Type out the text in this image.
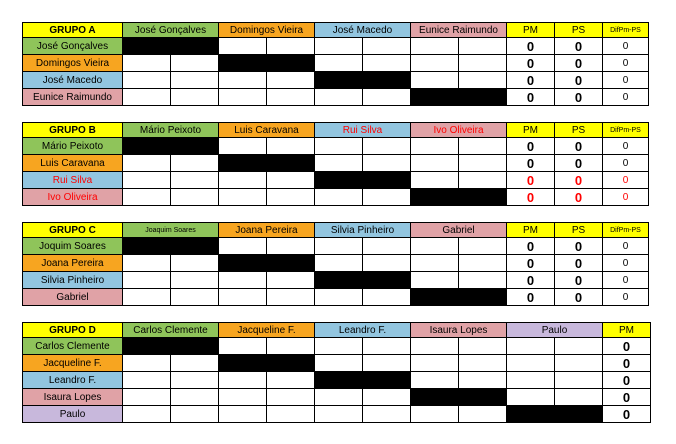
GRUPO A	José Gonçalves		Domingos Vieira		José Macedo		Eunice Raimundo		PM	PS	DifPm-PS
José Gonçalves									0	0	0
Domingos Vieira									0	0	0
José Macedo									0	0	0
Eunice Raimundo									0	0	0
GRUPO B	Mário Peixoto		Luis Caravana		Rui Silva		Ivo Oliveira		PM	PS	DifPm-PS
Mário Peixoto									0	0	0
Luis Caravana									0	0	0
Rui Silva									0	0	0
Ivo Oliveira									0	0	0
GRUPO C	Joaquim Soares		Joana Pereira		Silvia Pinheiro		Gabriel		PM	PS	DifPm-PS
Joquim Soares									0	0	0
Joana Pereira									0	0	0
Silvia Pinheiro									0	0	0
Gabriel									0	0	0
GRUPO D	Carlos Clemente		Jacqueline F.		Leandro F.		Isaura Lopes		Paulo		PM
Carlos Clemente											0
Jacqueline F.											0
Leandro F.											0
Isaura Lopes											0
Paulo											0
